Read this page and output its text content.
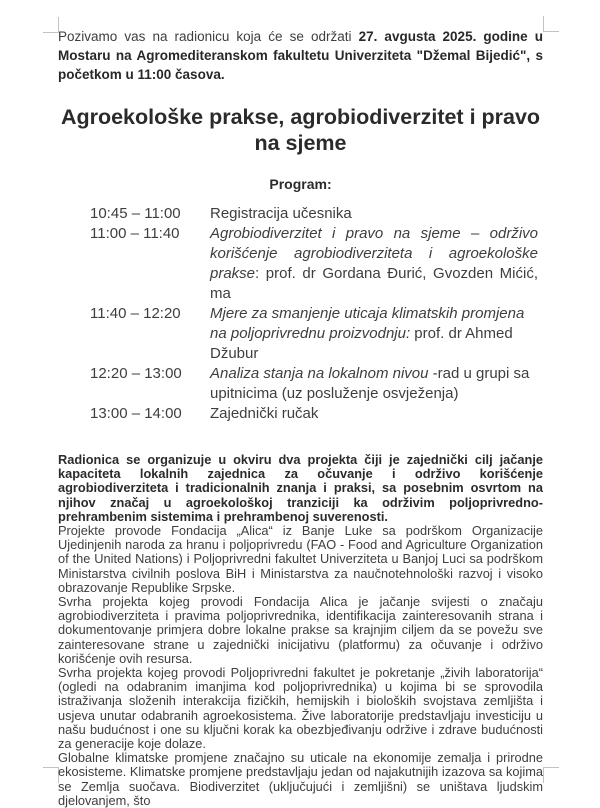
Pozivamo vas na radionicu koja će se održati 27. avgusta 2025. godine u Mostaru na Agromediteranskom fakultetu Univerziteta "Džemal Bijedić", s početkom u 11:00 časova.

Agroekološke prakse, agrobiodiverzitet i pravo na sjeme
Program:
10:45 – 11:00	Registracija učesnika
11:00 – 11:40	Agrobiodiverzitet i pravo na sjeme – održivo korišćenje agrobiodiverziteta i agroekološke prakse: prof. dr Gordana Đurić, Gvozden Mićić, ma
11:40 – 12:20	Mjere za smanjenje uticaja klimatskih promjena na poljoprivrednu proizvodnju: prof. dr Ahmed Džubur
12:20 – 13:00	Analiza stanja na lokalnom nivou -rad u grupi sa upitnicima (uz posluženje osvježenja)
13:00 – 14:00	Zajednički ručak

Radionica se organizuje u okviru dva projekta čiji je zajednički cilj jačanje kapaciteta lokalnih zajednica za očuvanje i održivo korišćenje agrobiodiverziteta i tradicionalnih znanja i praksi, sa posebnim osvrtom na njihov značaj u agroekološkoj tranziciji ka održivim poljoprivredno-prehrambenim sistemima i prehrambenoj suverenosti.

Projekte provode Fondacija „Alica“ iz Banje Luke sa podrškom Organizacije Ujedinjenih naroda za hranu i poljoprivredu (FAO - Food and Agriculture Organization of the United Nations) i Poljoprivredni fakultet Univerziteta u Banjoj Luci sa podrškom Ministarstva civilnih poslova BiH i Ministarstva za naučnotehnološki razvoj i visoko obrazovanje Republike Srpske.

Svrha projekta kojeg provodi Fondacija Alica je jačanje svijesti o značaju agrobiodiverziteta i pravima poljoprivrednika, identifikacija zainteresovanih strana i dokumentovanje primjera dobre lokalne prakse sa krajnjim ciljem da se povežu sve zainteresovane strane u zajednički inicijativu (platformu) za očuvanje i održivo korišćenje ovih resursa.

Svrha projekta kojeg provodi Poljoprivredni fakultet je pokretanje „živih laboratorija“ (ogledi na odabranim imanjima kod poljoprivrednika) u kojima bi se sprovodila istraživanja složenih interakcija fizičkih, hemijskih i bioloških svojstava zemljišta i usjeva unutar odabranih agroekosistema. Žive laboratorije predstavljaju investiciju u našu budućnost i one su ključni korak ka obezbjeđivanju održive i zdrave budućnosti za generacije koje dolaze.

Globalne klimatske promjene značajno su uticale na ekonomije zemalja i prirodne ekosisteme. Klimatske promjene predstavljaju jedan od najakutnijih izazova sa kojima se Zemlja suočava. Biodiverzitet (uključujući i zemljišni) se uništava ljudskim djelovanjem, što
